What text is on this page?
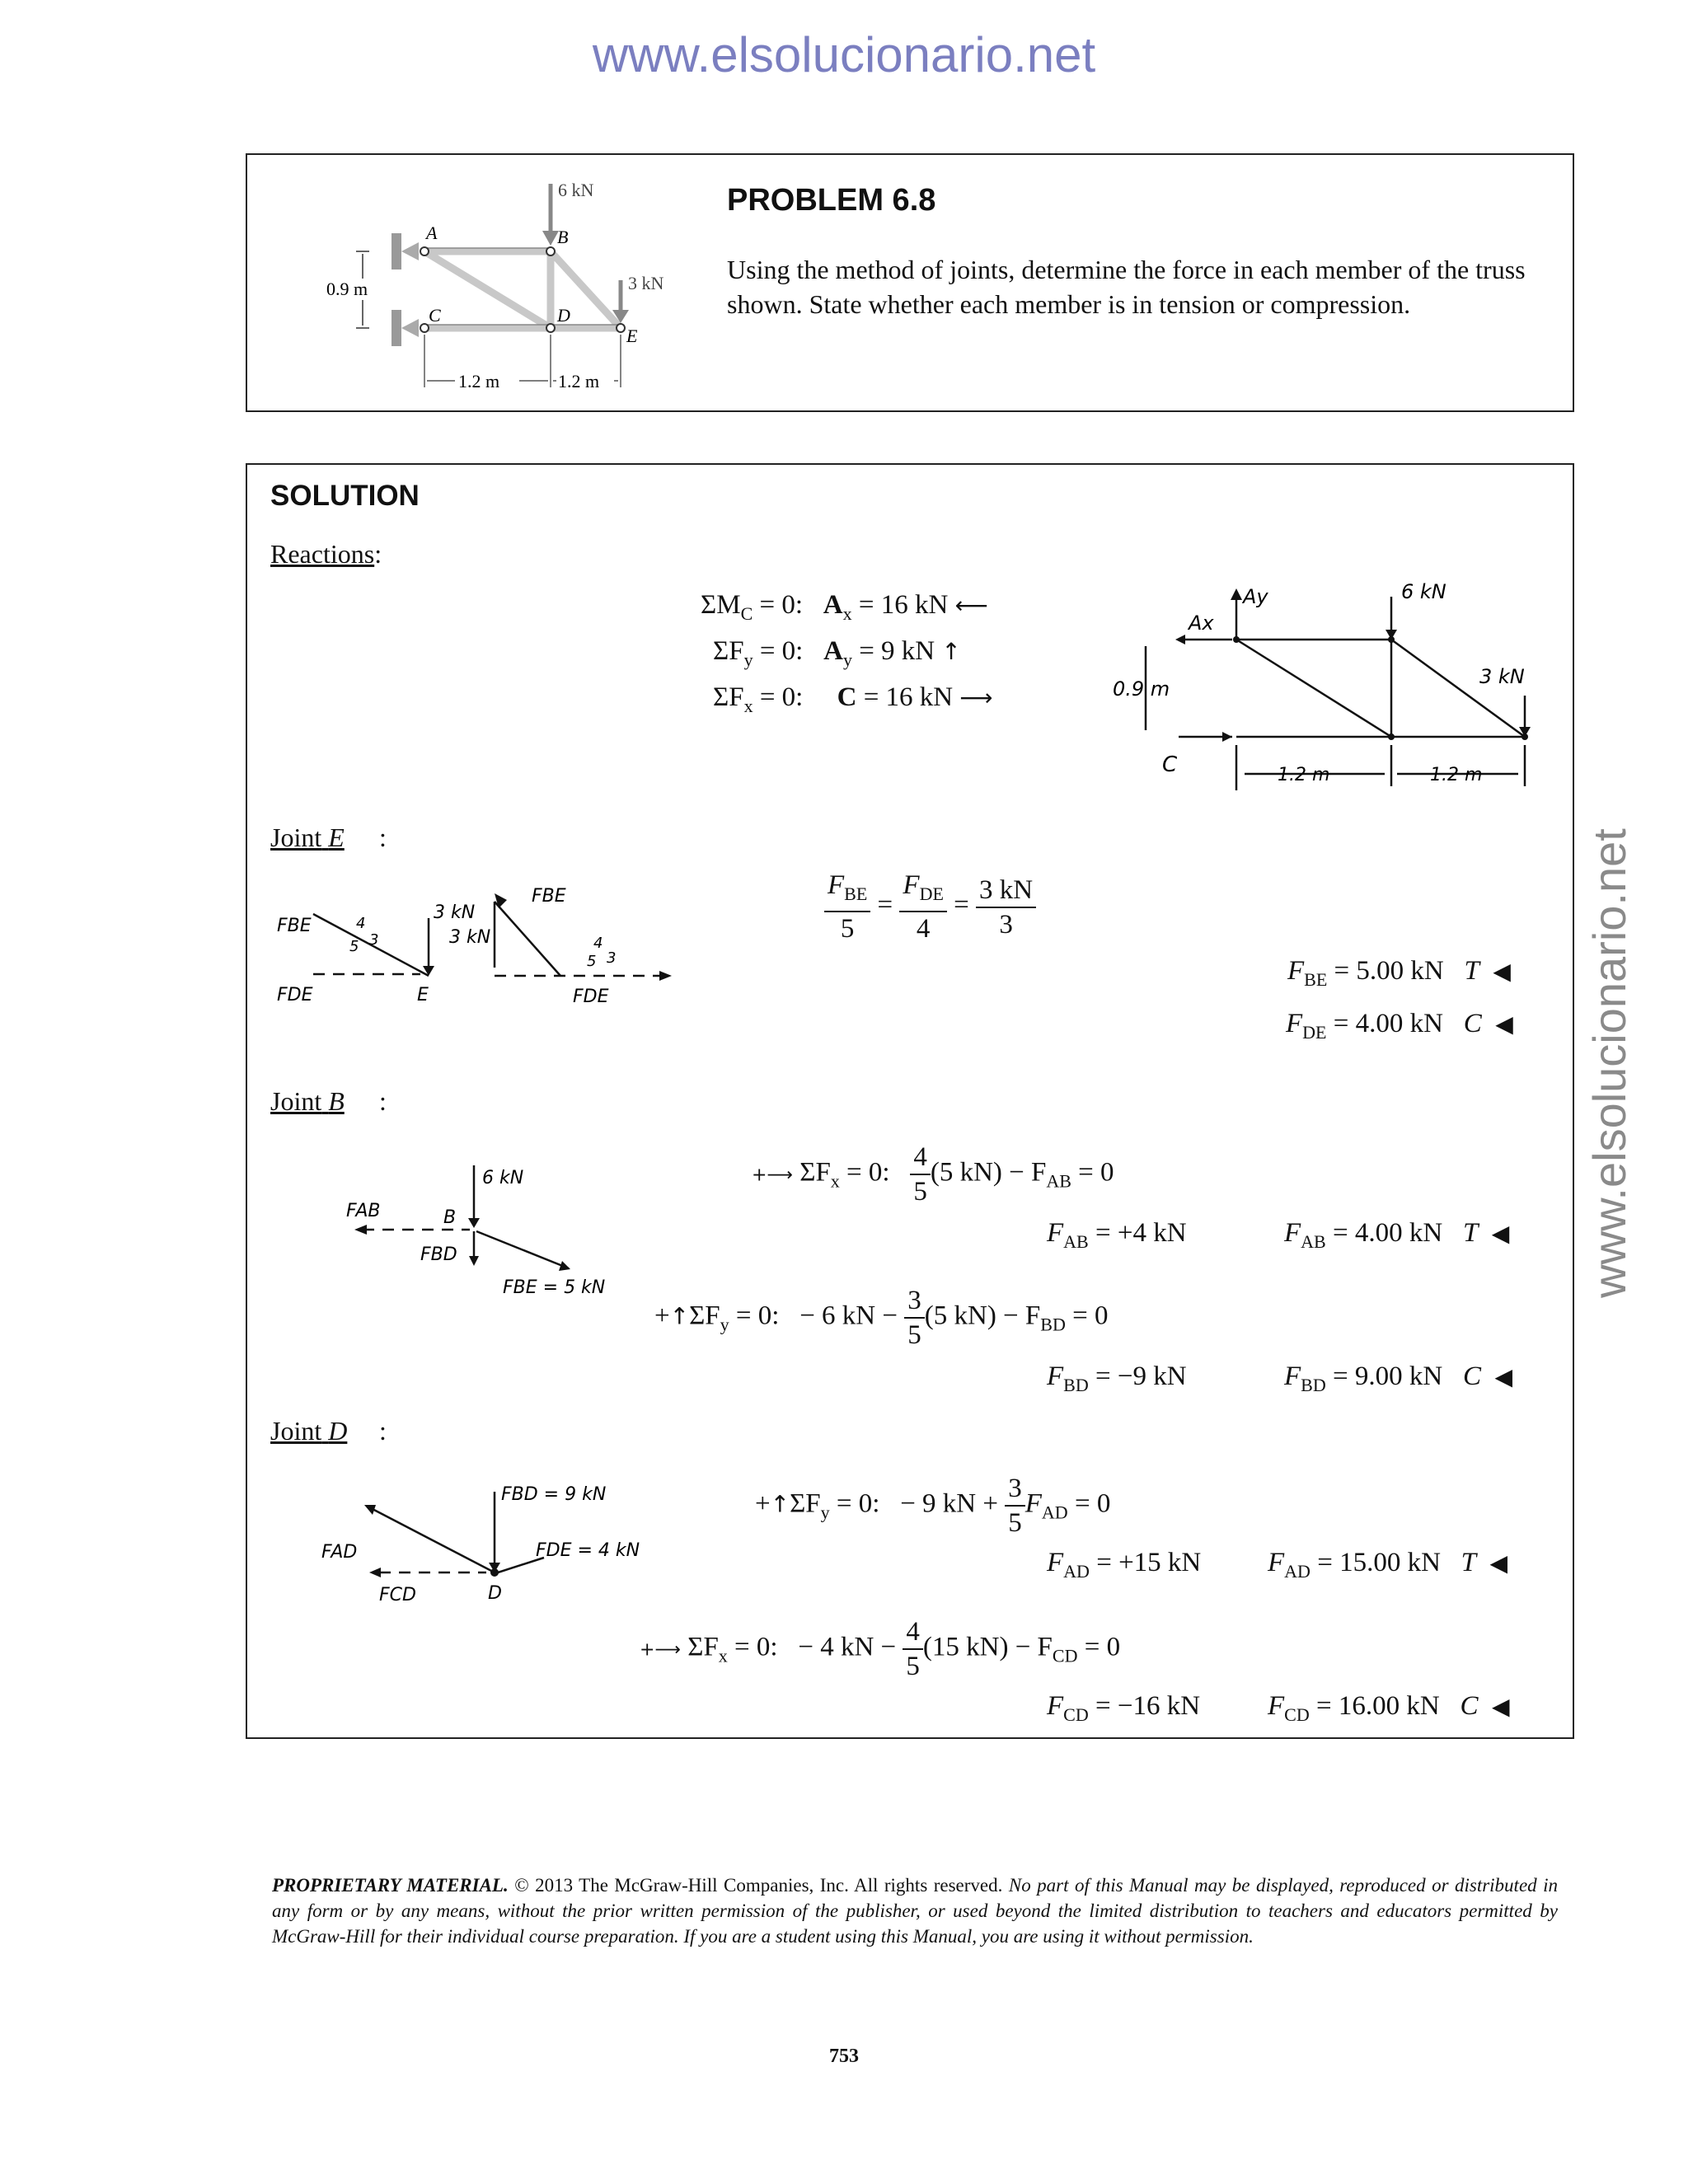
www.elsolucionario.net
www.elsolucionario.net
6 kN
3 kN
A	B
C	D
E
0.9 m
1.2 m	1.2 m
PROBLEM 6.8
Using the method of joints, determine the force in each member of the truss shown. State whether each member is in tension or compression.
SOLUTION
Reactions:
$\Sigma M_C = 0$: $A_x = 16$ kN ⟵
$\Sigma F_y = 0$: $A_y = 9$ kN ↑
$\Sigma F_x = 0$: C = 16 kN ⟶
Ay
Ax
6 kN
3 kN
0.9 m
1.2 m	1.2 m
C
Joint E :
FBE
FDE
3 kN
E
4
3
5	3 kN
FBE
FDE
4
3
5
$F_{BE}$
5
=
$F_{DE}$
4
= $\frac{3 kN}{3}$
$F_{BE} = 5.00$ kN T ◀
$F_{DE} = 4.00$ kN C ◀
Joint B :
FAB	B
6 kN
FBD
FBE = 5 kN
+⟶ $\Sigma F_x = 0$: $\frac{4}{5} (5$ $kN) - F_{AB} = 0$
$F_{AB} = +4$ kN	$F_{AB} = 4.00$ kN T ◀
$+↑\Sigma F_y = 0$: − 6 kN − $\frac{3}{5} (5$ $kN) - F_{BD} = 0$
$F_{BD} = -9$ kN	$F_{BD} = 9.00$ kN C ◀
Joint D :
FAD
FCD
FBD = 9 kN
FDE = 4 kN
D
$+↑\Sigma F_y = 0$: − 9 kN + $\frac{3}{5} F_{AD} = 0$
$F_{AD} = +15$ kN $F_{AD} = 15.00$ kN T ◀
+⟶ $\Sigma F_x = 0$: − 4 kN − $\frac{4}{5} (15$ $kN) - F_{CD} = 0$
$F_{CD} = -16$ kN $F_{CD} = 16.00$ kN C ◀
PROPRIETARY MATERIAL. © 2013 The McGraw-Hill Companies, Inc. All rights reserved. No part of this Manual may be displayed, reproduced or distributed in any form or by any means, without the prior written permission of the publisher, or used beyond the limited distribution to teachers and educators permitted by McGraw-Hill for their individual course preparation. If you are a student using this Manual, you are using it without permission.
753
